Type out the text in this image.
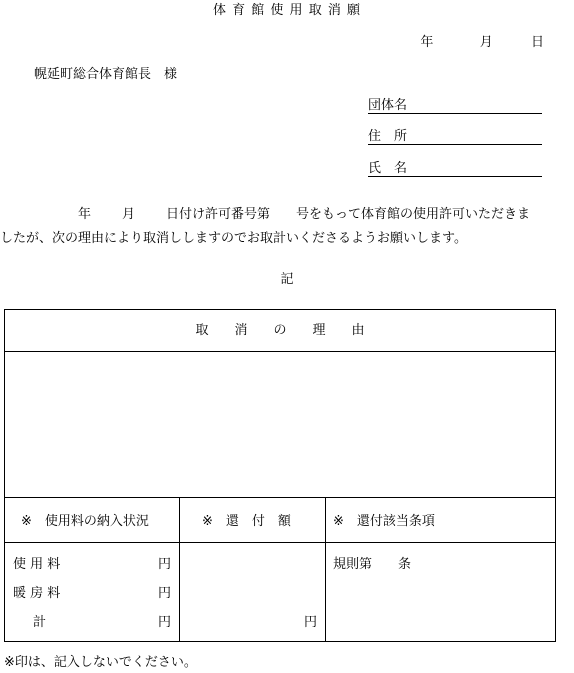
体 育 館 使 用 取 消 願
年	月	日
幌延町総合体育館長　様
団体名
住　所
氏　名
年 月 日付け許可番号第　　号をもって体育館の使用許可いただきま
したが、次の理由により取消ししますのでお取計いくださるようお願いします。
記
取　　消　　の　　理　　由
※　使用料の納入状況	※　還　付　額	※　還付該当条項
使 用 料	円
暖 房 料	円
計	円	円
規則第　　条
※印は、記入しないでください。
